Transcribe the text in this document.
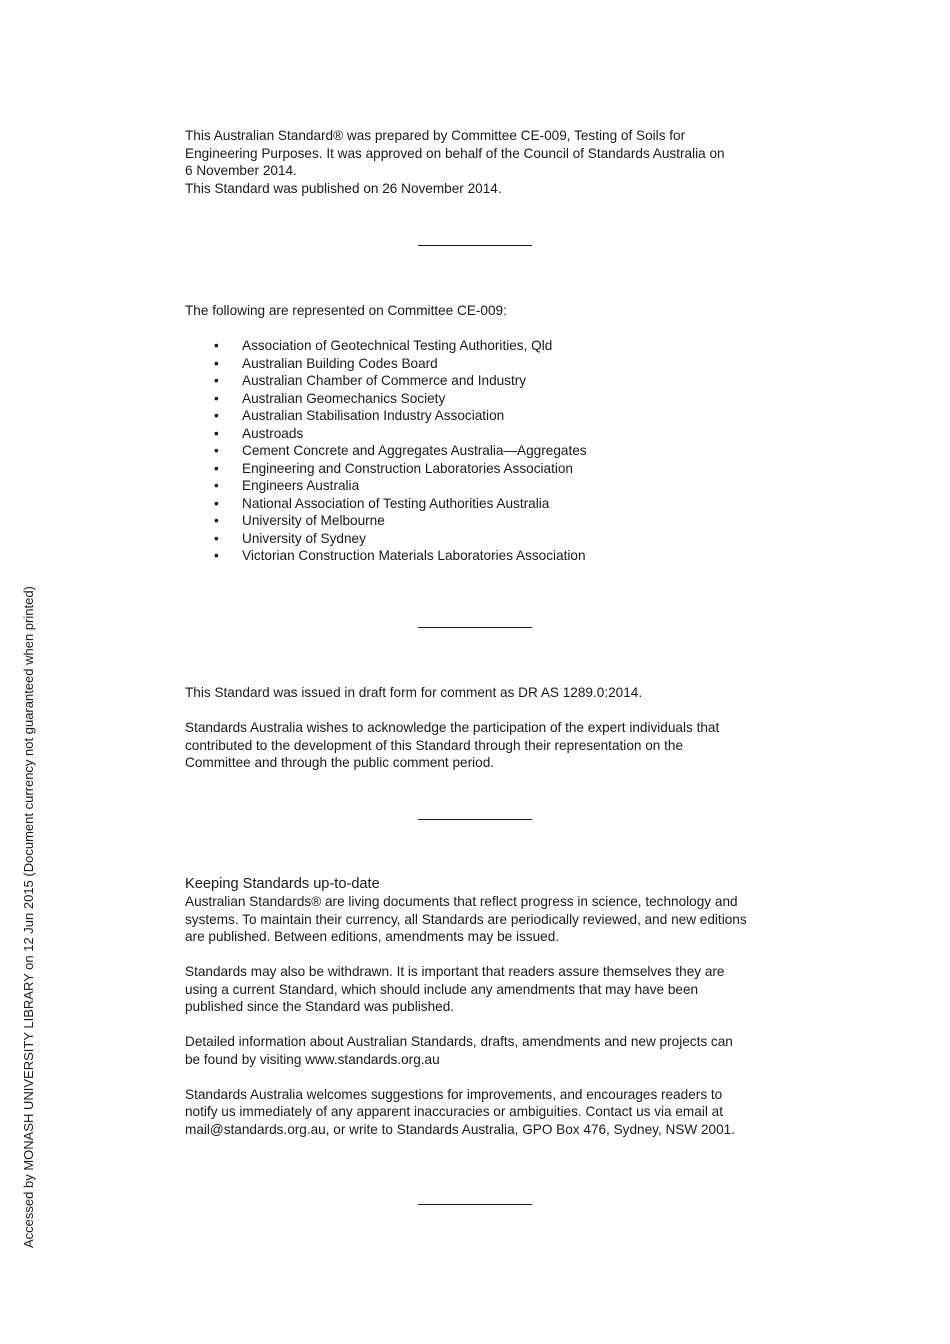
This Australian Standard® was prepared by Committee CE-009, Testing of Soils for

Engineering Purposes. It was approved on behalf of the Council of Standards Australia on

6 November 2014.

This Standard was published on 26 November 2014.

The following are represented on Committee CE-009:

• Association of Geotechnical Testing Authorities, Qld
• Australian Building Codes Board
• Australian Chamber of Commerce and Industry
• Australian Geomechanics Society
• Australian Stabilisation Industry Association
• Austroads
• Cement Concrete and Aggregates Australia—Aggregates
• Engineering and Construction Laboratories Association
• Engineers Australia
• National Association of Testing Authorities Australia
• University of Melbourne
• University of Sydney
• Victorian Construction Materials Laboratories Association

This Standard was issued in draft form for comment as DR AS 1289.0:2014.

Standards Australia wishes to acknowledge the participation of the expert individuals that

contributed to the development of this Standard through their representation on the

Committee and through the public comment period.

Keeping Standards up-to-date

Australian Standards® are living documents that reflect progress in science, technology and

systems. To maintain their currency, all Standards are periodically reviewed, and new editions

are published. Between editions, amendments may be issued.

Standards may also be withdrawn. It is important that readers assure themselves they are

using a current Standard, which should include any amendments that may have been

published since the Standard was published.

Detailed information about Australian Standards, drafts, amendments and new projects can

be found by visiting www.standards.org.au

Standards Australia welcomes suggestions for improvements, and encourages readers to

notify us immediately of any apparent inaccuracies or ambiguities. Contact us via email at

mail@standards.org.au, or write to Standards Australia, GPO Box 476, Sydney, NSW 2001.

Accessed by MONASH UNIVERSITY LIBRARY on 12 Jun 2015 (Document currency not guaranteed when printed)
